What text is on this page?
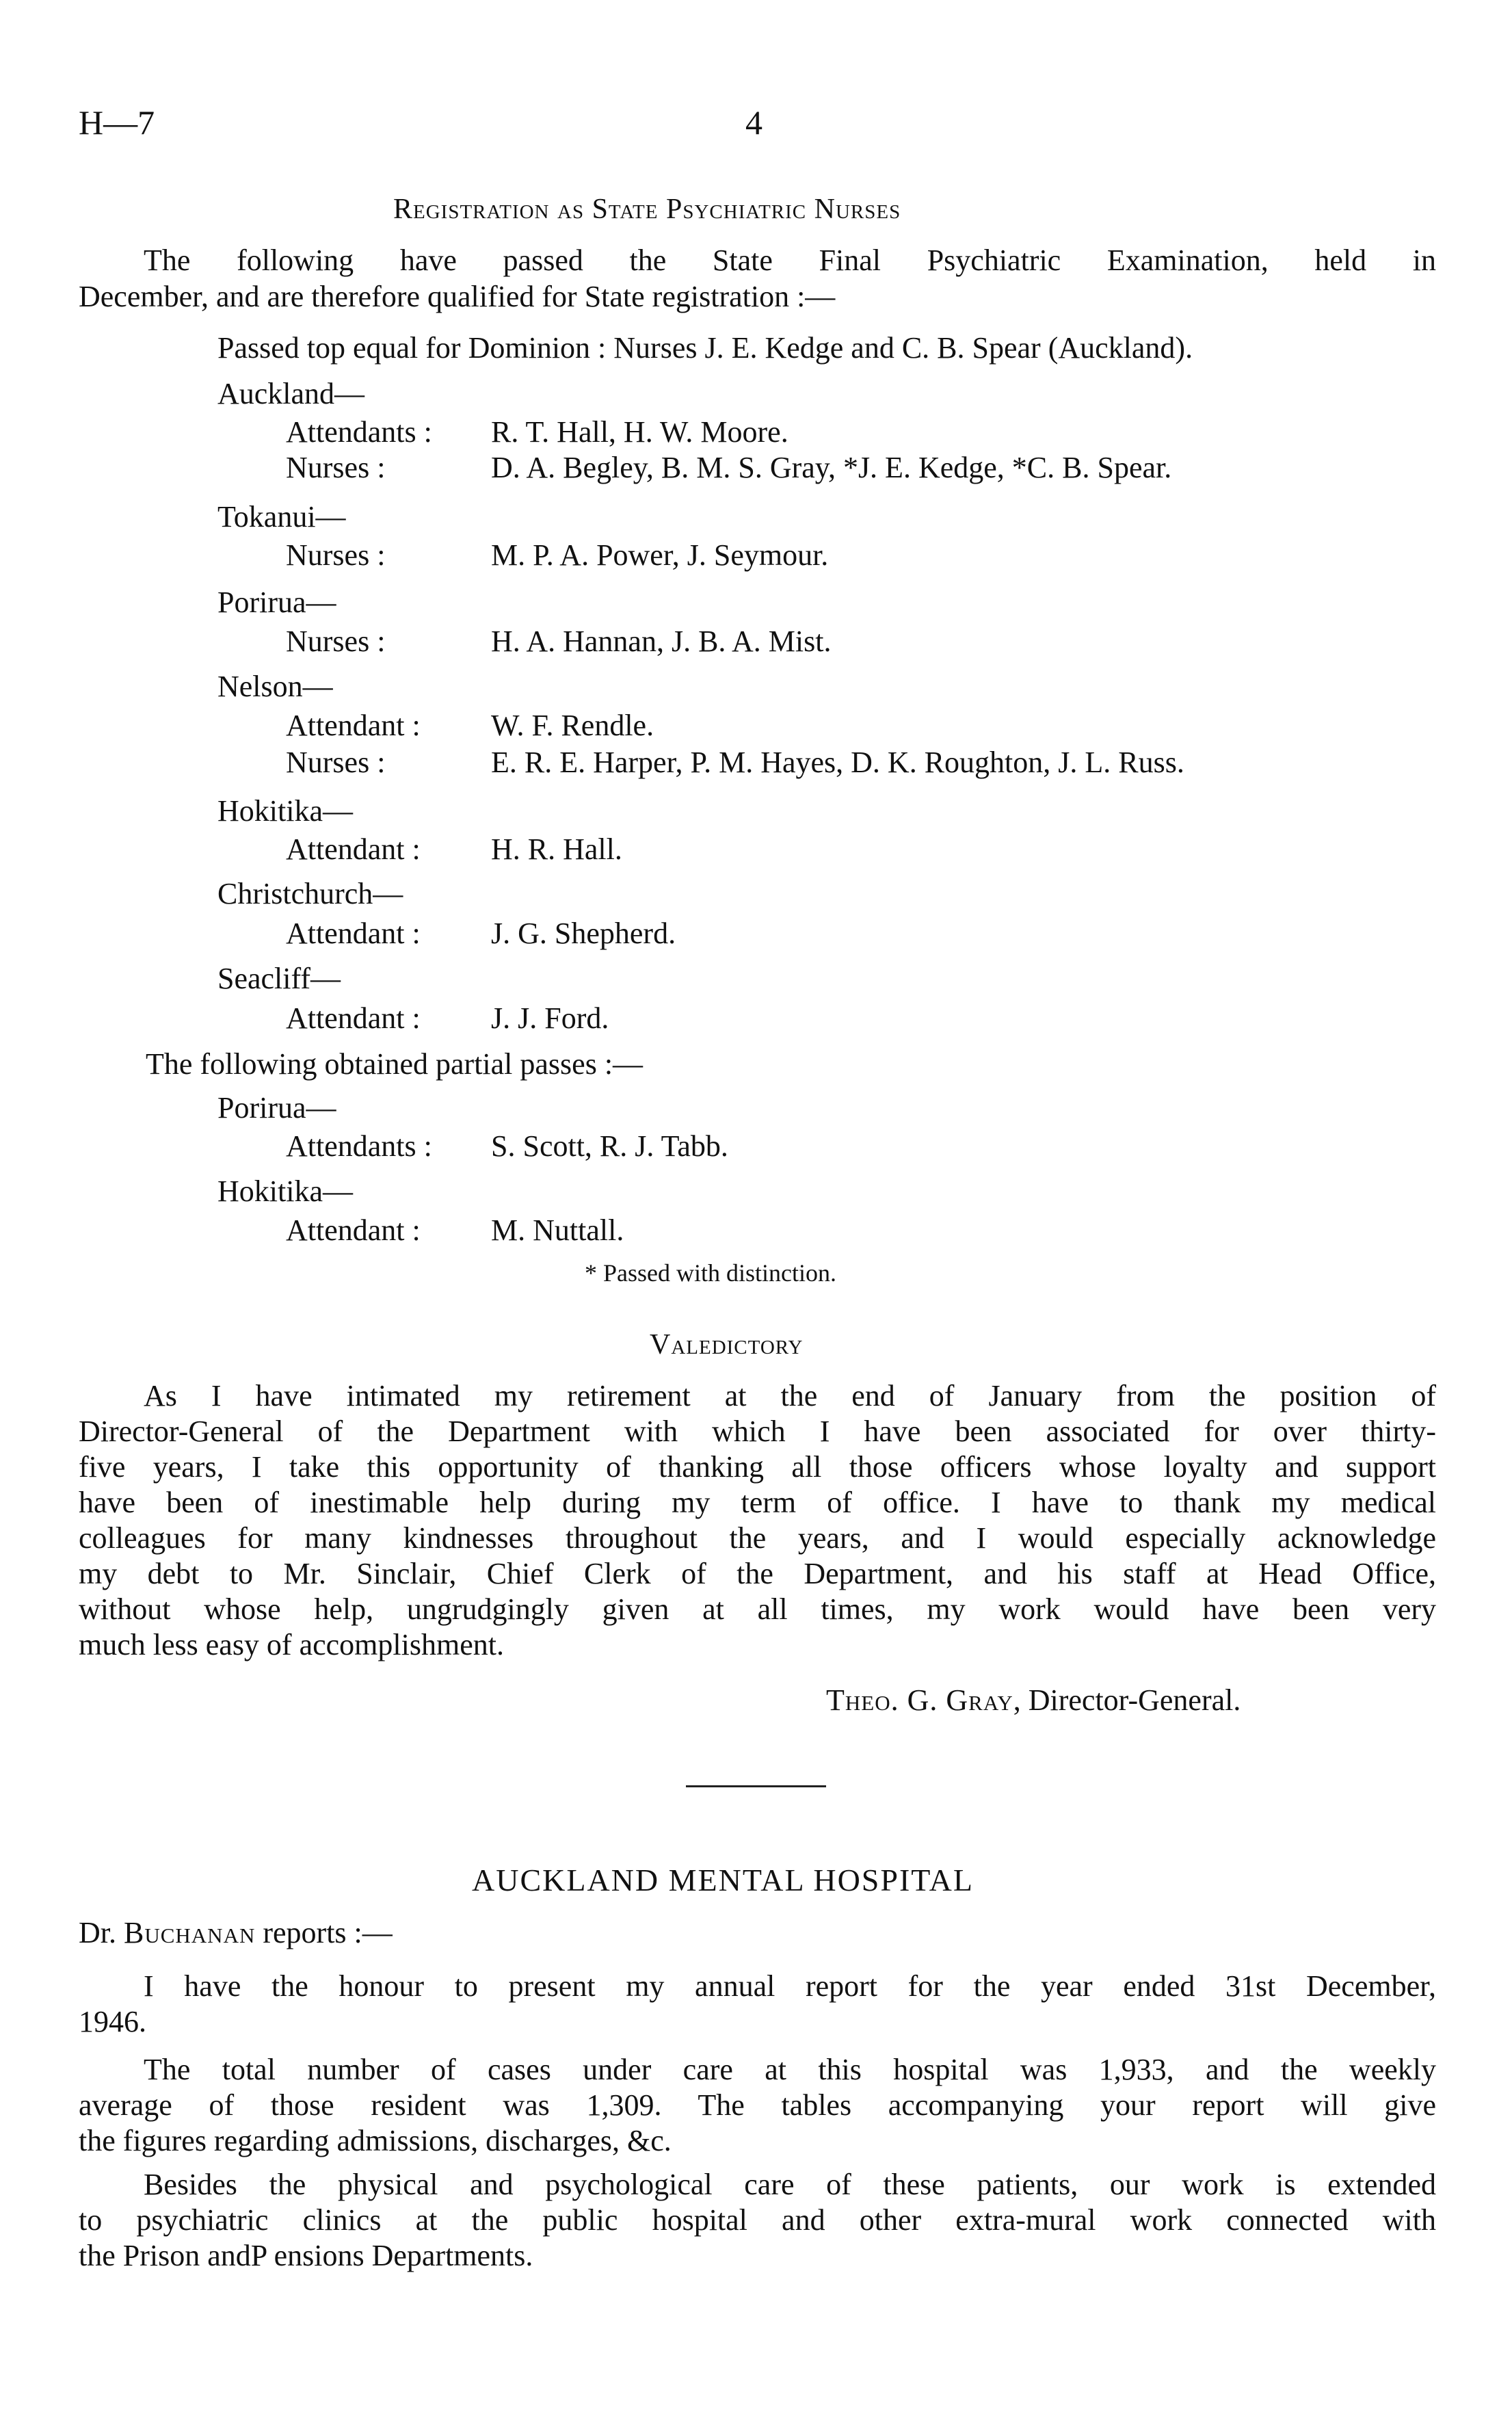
H—7	4
Registration as State Psychiatric Nurses
The following have passed the State Final Psychiatric Examination, held in
December, and are therefore qualified for State registration :—
Passed top equal for Dominion : Nurses J. E. Kedge and C. B. Spear (Auckland).
Auckland—
Attendants : R. T. Hall, H. W. Moore.
Nurses :	D. A. Begley, B. M. S. Gray, *J. E. Kedge, *C. B. Spear.
Tokanui—
Nurses :	M. P. A. Power, J. Seymour.
Porirua—
Nurses :	H. A. Hannan, J. B. A. Mist.
Nelson—
Attendant : W. F. Rendle.
Nurses :	E. R. E. Harper, P. M. Hayes, D. K. Roughton, J. L. Russ.
Hokitika—
Attendant : H. R. Hall.
Christchurch—
Attendant : J. G. Shepherd.
Seacliff—
Attendant : J. J. Ford.
The following obtained partial passes :—
Porirua—
Attendants : S. Scott, R. J. Tabb.
Hokitika—
Attendant : M. Nuttall.
* Passed with distinction.
Valedictory
As I have intimated my retirement at the end of January from the position of
Director-General of the Department with which I have been associated for over thirty-
five years, I take this opportunity of thanking all those officers whose loyalty and support
have been of inestimable help during my term of office. I have to thank my medical
colleagues for many kindnesses throughout the years, and I would especially acknowledge
my debt to Mr. Sinclair, Chief Clerk of the Department, and his staff at Head Office,
without whose help, ungrudgingly given at all times, my work would have been very
much less easy of accomplishment.
Theo. G. Gray, Director-General.
AUCKLAND MENTAL HOSPITAL
Dr. Buchanan reports :—
I have the honour to present my annual report for the year ended 31st December,
1946.
The total number of cases under care at this hospital was 1,933, and the weekly
average of those resident was 1,309. The tables accompanying your report will give
the figures regarding admissions, discharges, &c.
Besides the physical and psychological care of these patients, our work is extended
to psychiatric clinics at the public hospital and other extra-mural work connected with
the Prison andP ensions Departments.
